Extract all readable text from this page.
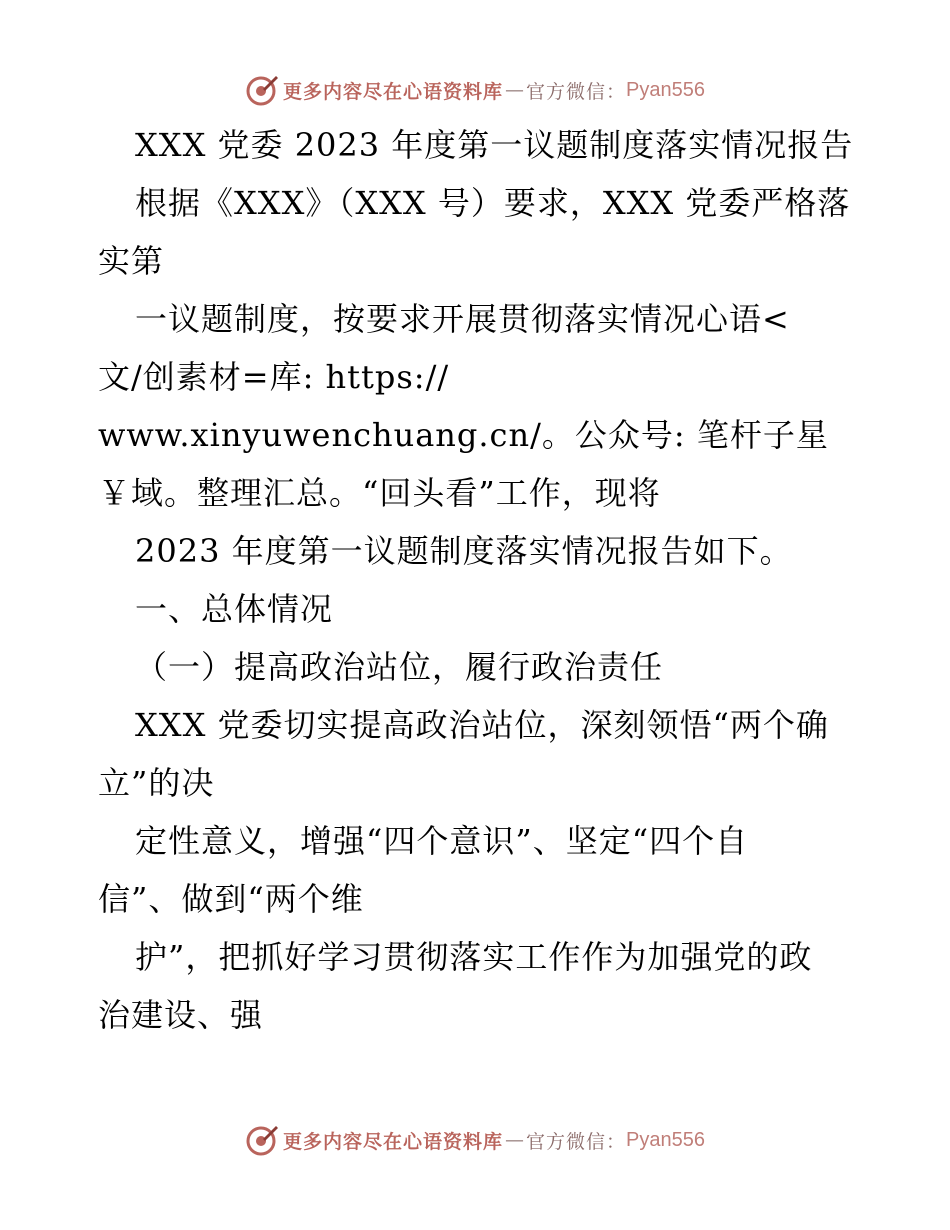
更多内容尽在心语资料库 — 官方微信： Pyan556
XXX 党委 2023 年度第一议题制度落实情况报告
根据《XXX》（XXX 号）要求，XXX 党委严格落
实第
一议题制度，按要求开展贯彻落实情况心语<
文/创素材=库: https://
www.xinyuwenchuang.cn/。公众号: 笔杆子星
￥域。整理汇总。“回头看”工作，现将
2023 年度第一议题制度落实情况报告如下。
一、总体情况
（一）提高政治站位，履行政治责任
XXX 党委切实提高政治站位，深刻领悟“两个确
立”的决
定性意义，增强“四个意识”、坚定“四个自
信”、做到“两个维
护”，把抓好学习贯彻落实工作作为加强党的政
治建设、强
更多内容尽在心语资料库 — 官方微信： Pyan556
